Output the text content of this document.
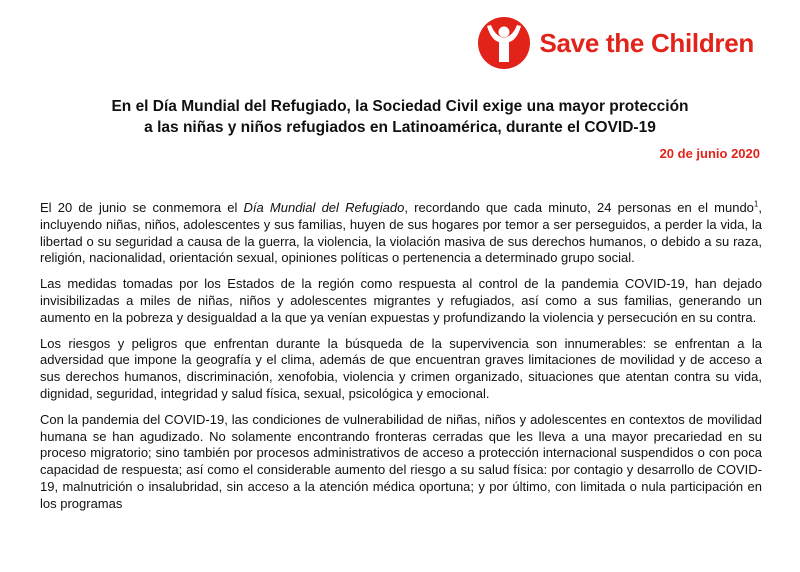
Save the Children
En el Día Mundial del Refugiado, la Sociedad Civil exige una mayor protección
a las niñas y niños refugiados en Latinoamérica, durante el COVID-19
20 de junio 2020

El 20 de junio se conmemora el Día Mundial del Refugiado, recordando que cada minuto, 24 personas en el mundo$^1$, incluyendo niñas, niños, adolescentes y sus familias, huyen de sus hogares por temor a ser perseguidos, a perder la vida, la libertad o su seguridad a causa de la guerra, la violencia, la violación masiva de sus derechos humanos, o debido a su raza, religión, nacionalidad, orientación sexual, opiniones políticas o pertenencia a determinado grupo social.

Las medidas tomadas por los Estados de la región como respuesta al control de la pandemia COVID-19, han dejado invisibilizadas a miles de niñas, niños y adolescentes migrantes y refugiados, así como a sus familias, generando un aumento en la pobreza y desigualdad a la que ya venían expuestas y profundizando la violencia y persecución en su contra.

Los riesgos y peligros que enfrentan durante la búsqueda de la supervivencia son innumerables: se enfrentan a la adversidad que impone la geografía y el clima, además de que encuentran graves limitaciones de movilidad y de acceso a sus derechos humanos, discriminación, xenofobia, violencia y crimen organizado, situaciones que atentan contra su vida, dignidad, seguridad, integridad y salud física, sexual, psicológica y emocional.

Con la pandemia del COVID-19, las condiciones de vulnerabilidad de niñas, niños y adolescentes en contextos de movilidad humana se han agudizado. No solamente encontrando fronteras cerradas que les lleva a una mayor precariedad en su proceso migratorio; sino también por procesos administrativos de acceso a protección internacional suspendidos o con poca capacidad de respuesta; así como el considerable aumento del riesgo a su salud física: por contagio y desarrollo de COVID-19, malnutrición o insalubridad, sin acceso a la atención médica oportuna; y por último, con limitada o nula participación en los programas
